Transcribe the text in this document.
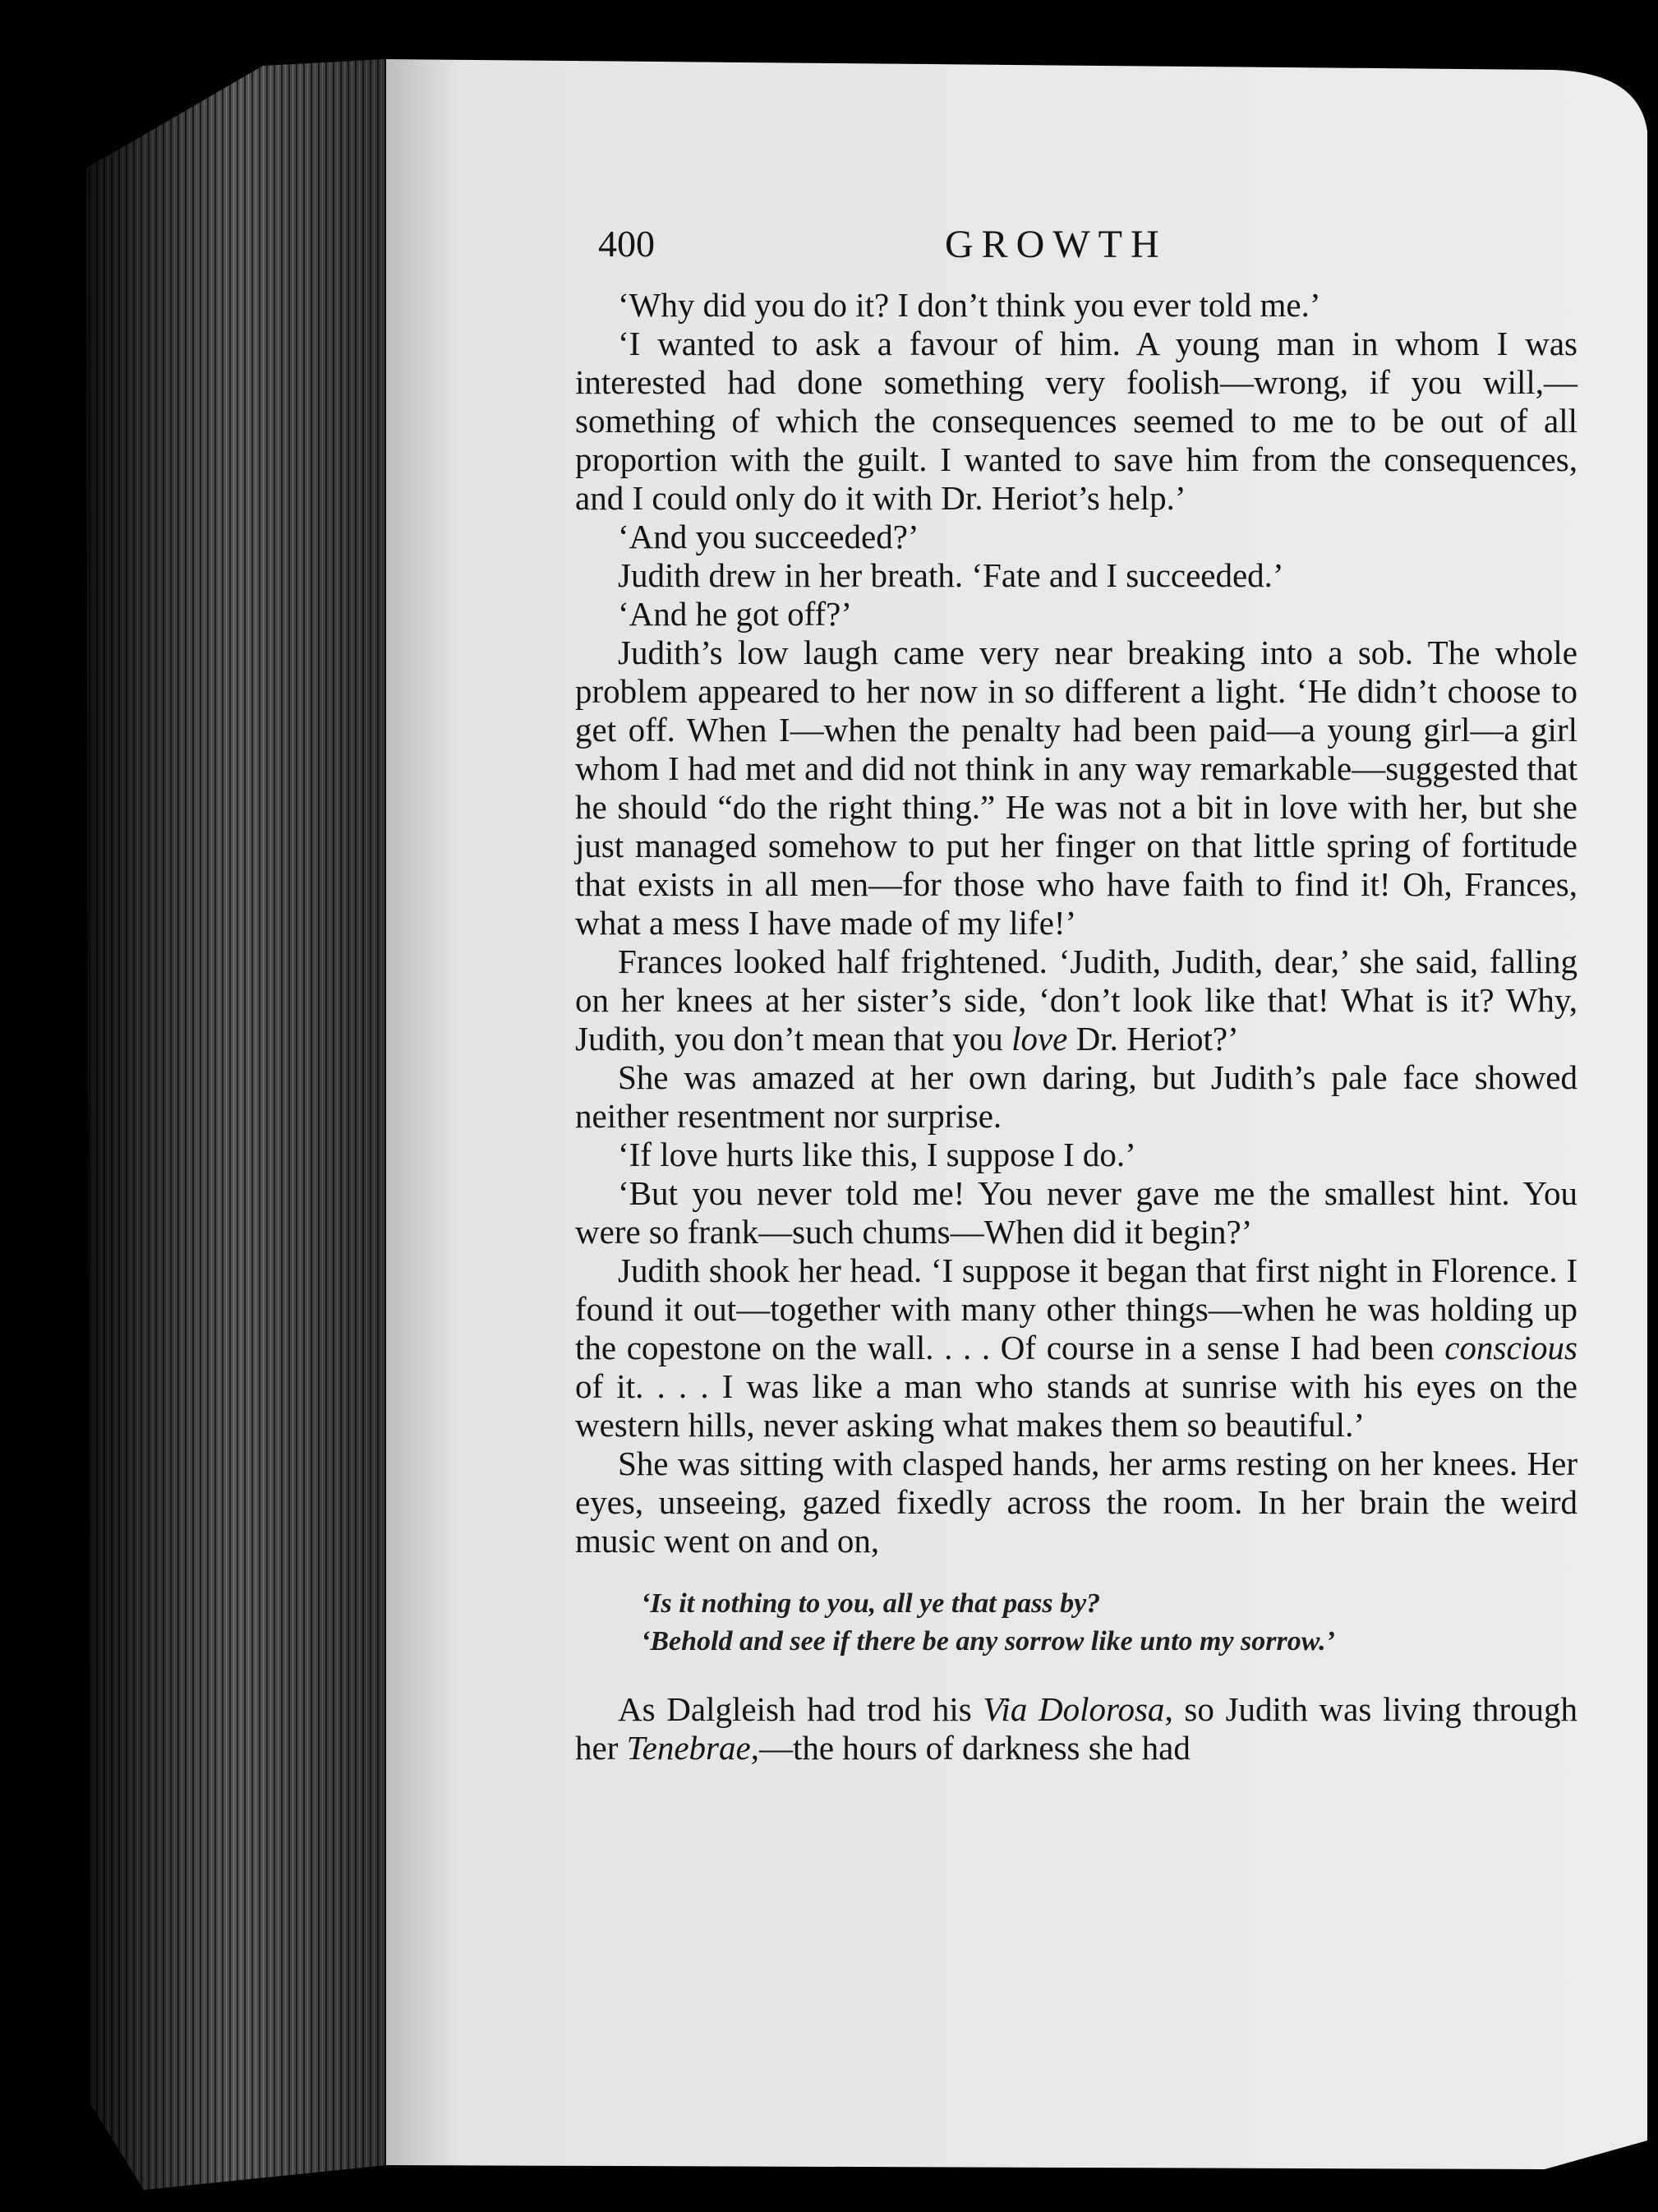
400	GROWTH

‘Why did you do it? I don’t think you ever told me.’

‘I wanted to ask a favour of him. A young man in whom I was interested had done something very foolish—wrong, if you will,—something of which the consequences seemed to me to be out of all proportion with the guilt. I wanted to save him from the consequences, and I could only do it with Dr. Heriot’s help.’

‘And you succeeded?’

Judith drew in her breath. ‘Fate and I succeeded.’

‘And he got off?’

Judith’s low laugh came very near breaking into a sob. The whole problem appeared to her now in so different a light. ‘He didn’t choose to get off. When I—when the penalty had been paid—a young girl—a girl whom I had met and did not think in any way remarkable—suggested that he should “do the right thing.” He was not a bit in love with her, but she just managed somehow to put her finger on that little spring of fortitude that exists in all men—for those who have faith to find it! Oh, Frances, what a mess I have made of my life!’

Frances looked half frightened. ‘Judith, Judith, dear,’ she said, falling on her knees at her sister’s side, ‘don’t look like that! What is it? Why, Judith, you don’t mean that you love Dr. Heriot?’

She was amazed at her own daring, but Judith’s pale face showed neither resentment nor surprise.

‘If love hurts like this, I suppose I do.’

‘But you never told me! You never gave me the smallest hint. You were so frank—such chums—When did it begin?’

Judith shook her head. ‘I suppose it began that first night in Florence. I found it out—together with many other things—when he was holding up the copestone on the wall. . . . Of course in a sense I had been conscious of it. . . . I was like a man who stands at sunrise with his eyes on the western hills, never asking what makes them so beautiful.’

She was sitting with clasped hands, her arms resting on her knees. Her eyes, unseeing, gazed fixedly across the room. In her brain the weird music went on and on,

‘Is it nothing to you, all ye that pass by?
‘Behold and see if there be any sorrow like unto my sorrow.’

As Dalgleish had trod his Via Dolorosa, so Judith was living through her Tenebrae,—the hours of darkness she had
